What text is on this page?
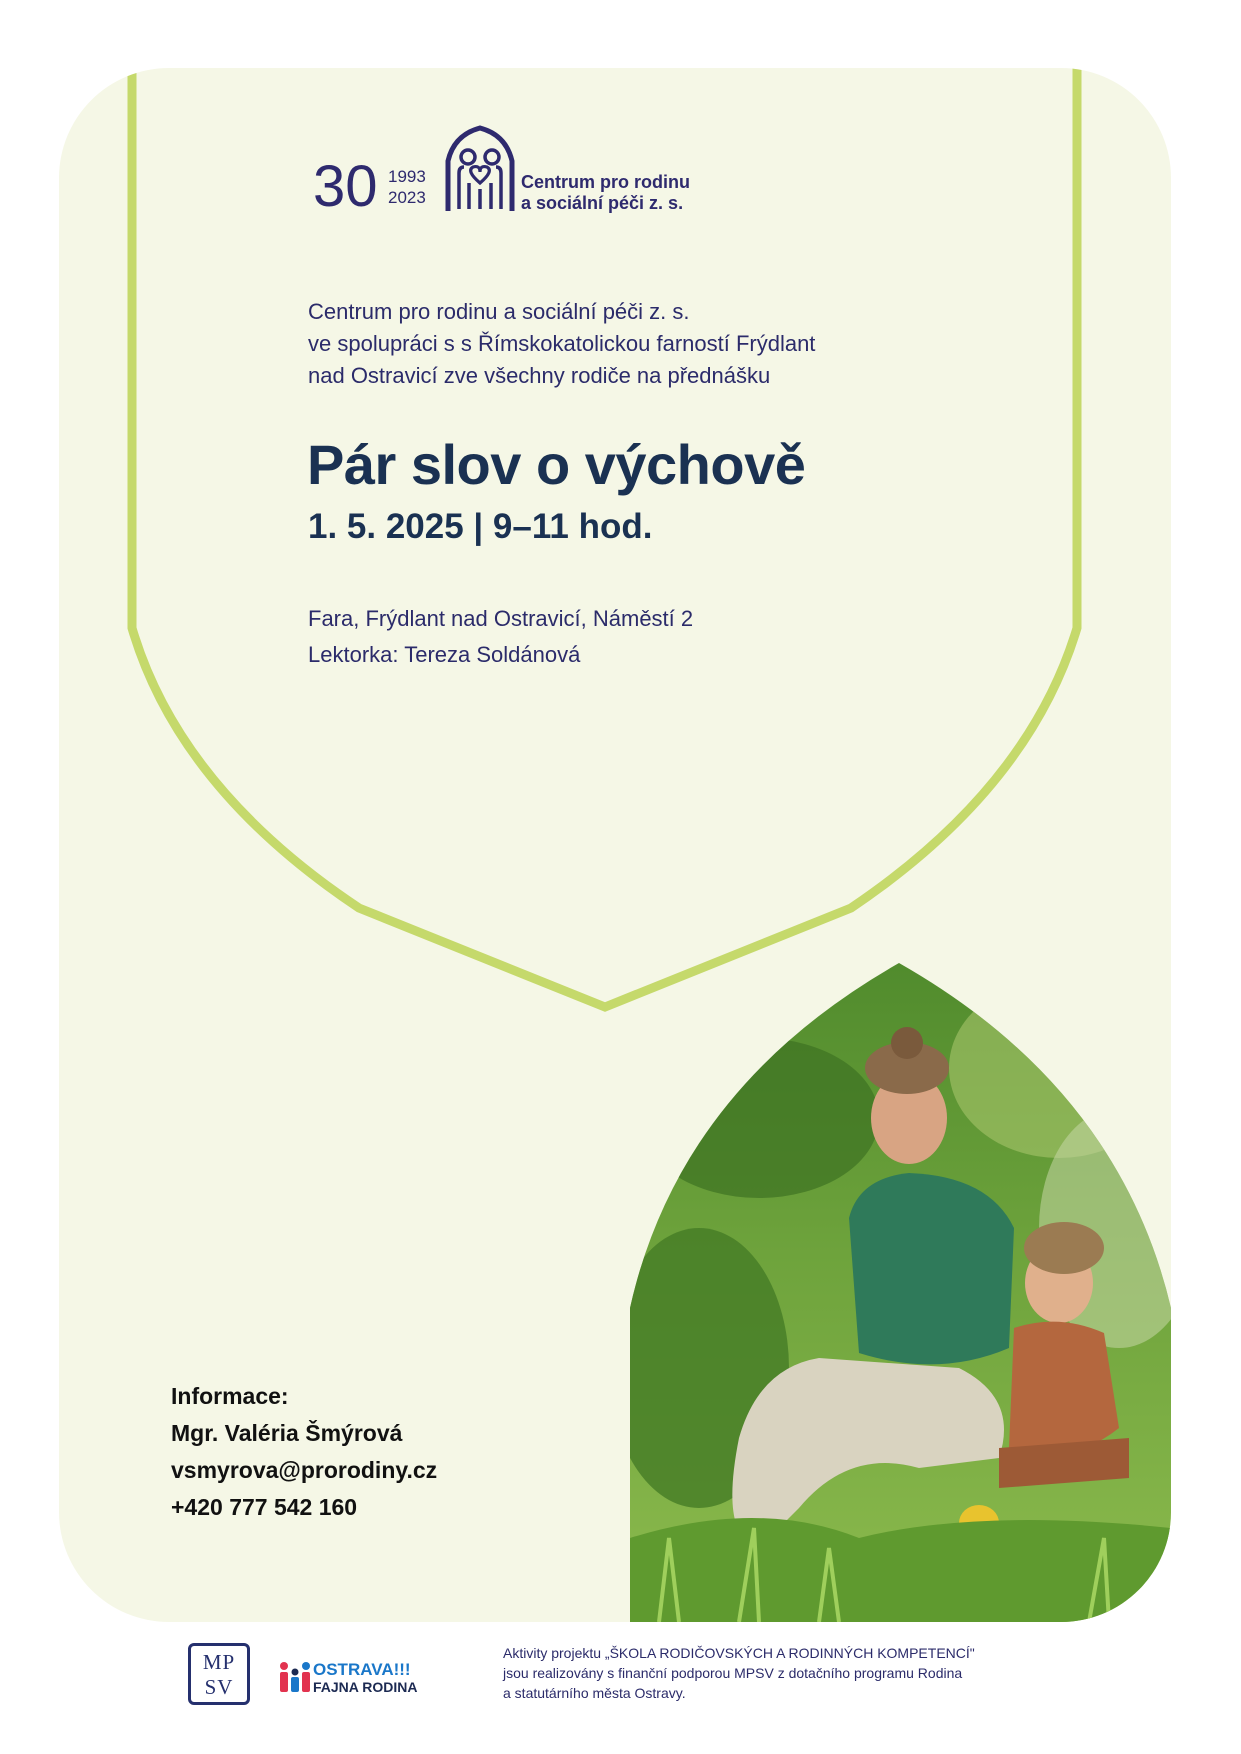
30 1993
2023
Centrum pro rodinu
a sociální péči z. s.
Centrum pro rodinu a sociální péči z. s.
ve spolupráci s s Římskokatolickou farností Frýdlant
nad Ostravicí zve všechny rodiče na přednášku
Pár slov o výchově
1. 5. 2025 | 9–11 hod.
Fara, Frýdlant nad Ostravicí, Náměstí 2
Lektorka: Tereza Soldánová
Informace:
Mgr. Valéria Šmýrová
vsmyrova@prorodiny.cz
+420 777 542 160
MP
SV
OSTRAVA!!!
FAJNA RODINA
Aktivity projektu „ŠKOLA RODIČOVSKÝCH A RODINNÝCH KOMPETENCÍ"
jsou realizovány s finanční podporou MPSV z dotačního programu Rodina
a statutárního města Ostravy.
